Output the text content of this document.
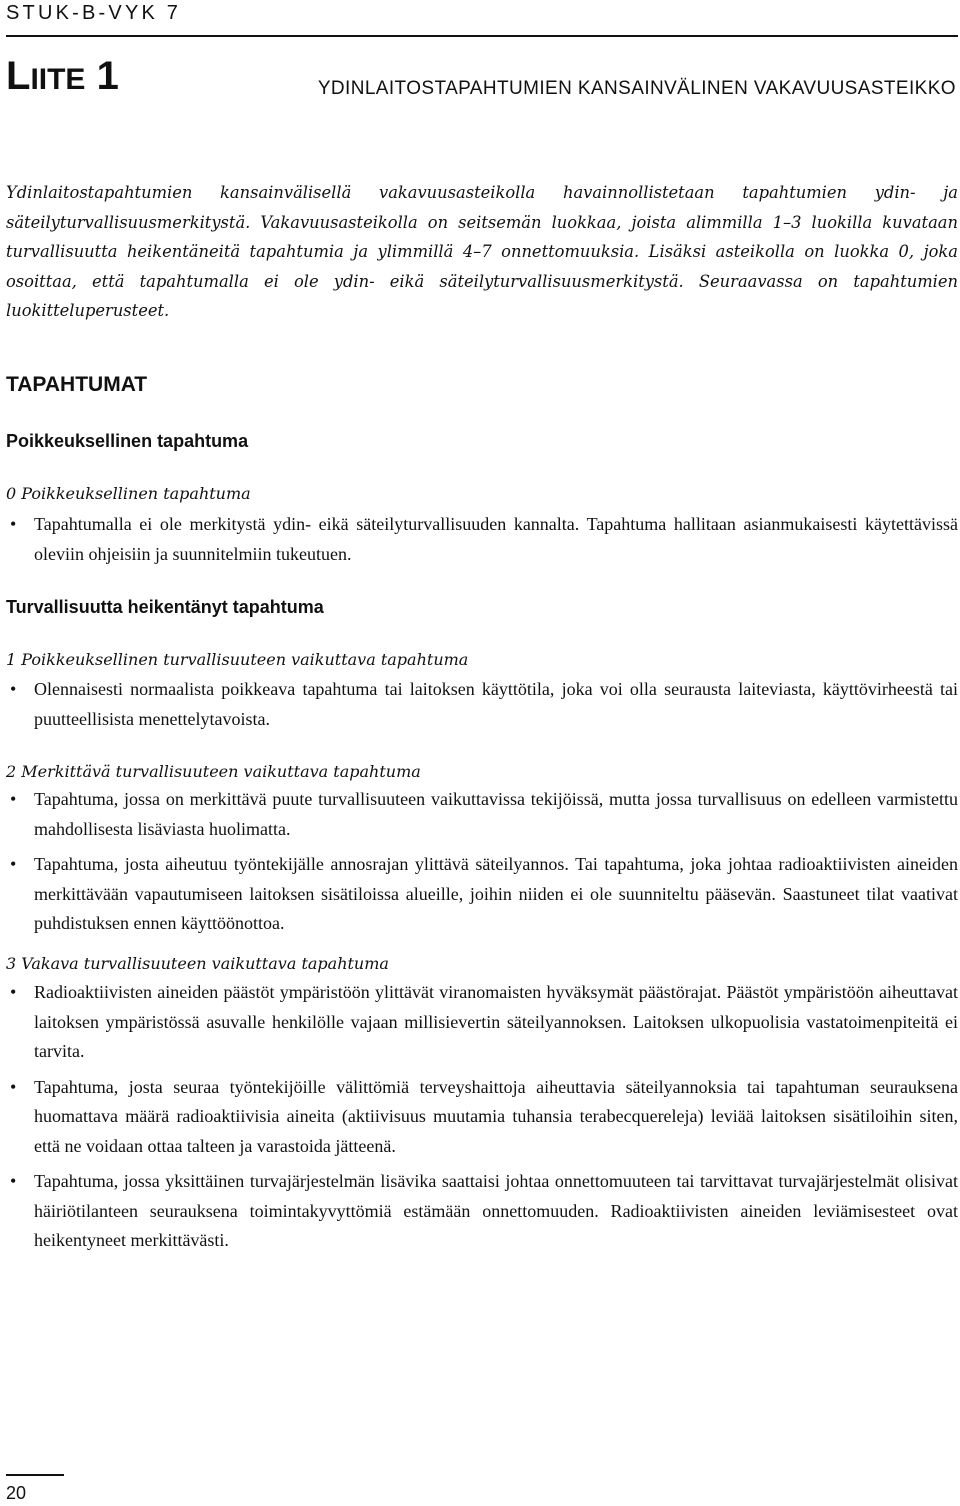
STUK-B-VYK 7
LIITE 1	YDINLAITOSTAPAHTUMIEN KANSAINVÄLINEN VAKAVUUSASTEIKKO

Ydinlaitostapahtumien kansainvälisellä vakavuusasteikolla havainnollistetaan tapahtumien ydin- ja säteilyturvallisuusmerkitystä. Vakavuusasteikolla on seitsemän luokkaa, joista alimmilla 1–3 luokilla kuvataan turvallisuutta heikentäneitä tapahtumia ja ylimmillä 4–7 onnettomuuksia. Lisäksi asteikolla on luokka 0, joka osoittaa, että tapahtumalla ei ole ydin- eikä säteilyturvallisuusmerkitystä. Seuraavassa on tapahtumien luokitteluperusteet.

TAPAHTUMAT
Poikkeuksellinen tapahtuma
0 Poikkeuksellinen tapahtuma
• Tapahtumalla ei ole merkitystä ydin- eikä säteilyturvallisuuden kannalta. Tapahtuma hallitaan asianmukaisesti käytettävissä oleviin ohjeisiin ja suunnitelmiin tukeutuen.
Turvallisuutta heikentänyt tapahtuma
1 Poikkeuksellinen turvallisuuteen vaikuttava tapahtuma
• Olennaisesti normaalista poikkeava tapahtuma tai laitoksen käyttötila, joka voi olla seurausta laiteviasta, käyttövirheestä tai puutteellisista menettelytavoista.
2 Merkittävä turvallisuuteen vaikuttava tapahtuma
• Tapahtuma, jossa on merkittävä puute turvallisuuteen vaikuttavissa tekijöissä, mutta jossa turvallisuus on edelleen varmistettu mahdollisesta lisäviasta huolimatta.
• Tapahtuma, josta aiheutuu työntekijälle annosrajan ylittävä säteilyannos. Tai tapahtuma, joka johtaa radioaktiivisten aineiden merkittävään vapautumiseen laitoksen sisätiloissa alueille, joihin niiden ei ole suunniteltu pääsevän. Saastuneet tilat vaativat puhdistuksen ennen käyttöönottoa.
3 Vakava turvallisuuteen vaikuttava tapahtuma
• Radioaktiivisten aineiden päästöt ympäristöön ylittävät viranomaisten hyväksymät päästörajat. Päästöt ympäristöön aiheuttavat laitoksen ympäristössä asuvalle henkilölle vajaan millisievertin säteilyannoksen. Laitoksen ulkopuolisia vastatoimenpiteitä ei tarvita.
• Tapahtuma, josta seuraa työntekijöille välittömiä terveyshaittoja aiheuttavia säteilyannoksia tai tapahtuman seurauksena huomattava määrä radioaktiivisia aineita (aktiivisuus muutamia tuhansia terabecquereleja) leviää laitoksen sisätiloihin siten, että ne voidaan ottaa talteen ja varastoida jätteenä.
• Tapahtuma, jossa yksittäinen turvajärjestelmän lisävika saattaisi johtaa onnettomuuteen tai tarvittavat turvajärjestelmät olisivat häiriötilanteen seurauksena toimintakyvyttömiä estämään onnettomuuden. Radioaktiivisten aineiden leviämisesteet ovat heikentyneet merkittävästi.
20
